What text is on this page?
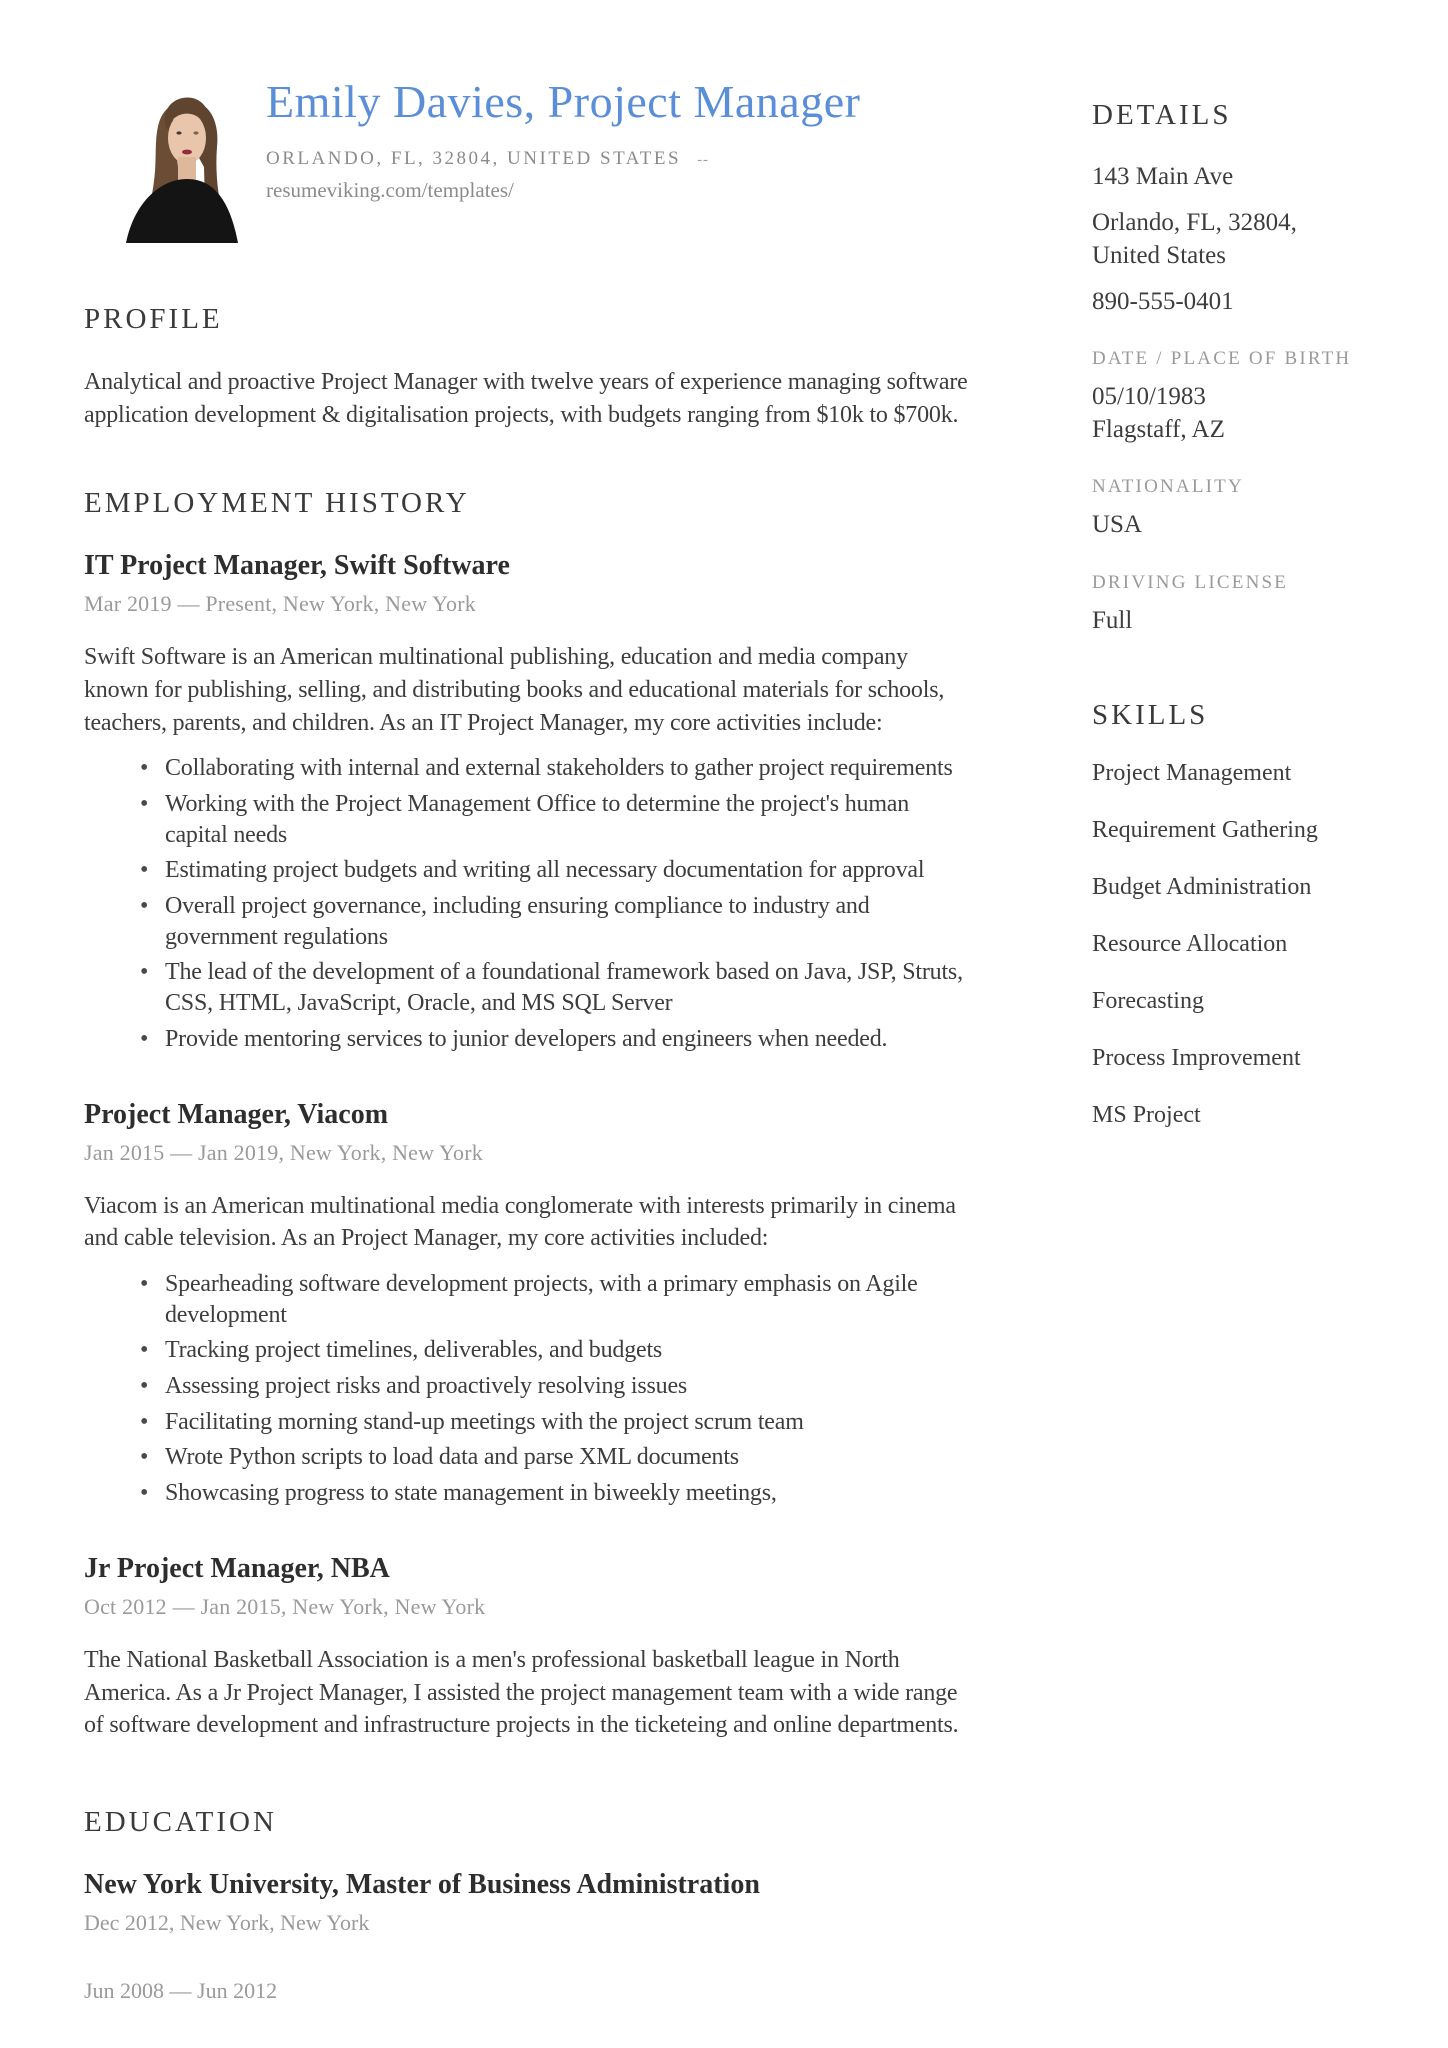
Emily Davies, Project Manager
ORLANDO, FL, 32804, UNITED STATES --
resumeviking.com/templates/
PROFILE

Analytical and proactive Project Manager with twelve years of experience managing software application development & digitalisation projects, with budgets ranging from $10k to $700k.

EMPLOYMENT HISTORY
IT Project Manager, Swift Software

Mar 2019 — Present, New York, New York

Swift Software is an American multinational publishing, education and media company known for publishing, selling, and distributing books and educational materials for schools, teachers, parents, and children. As an IT Project Manager, my core activities include:

• Collaborating with internal and external stakeholders to gather project requirements
• Working with the Project Management Office to determine the project's human capital needs
• Estimating project budgets and writing all necessary documentation for approval
• Overall project governance, including ensuring compliance to industry and government regulations
• The lead of the development of a foundational framework based on Java, JSP, Struts, CSS, HTML, JavaScript, Oracle, and MS SQL Server
• Provide mentoring services to junior developers and engineers when needed.
Project Manager, Viacom

Jan 2015 — Jan 2019, New York, New York

Viacom is an American multinational media conglomerate with interests primarily in cinema and cable television. As an Project Manager, my core activities included:

• Spearheading software development projects, with a primary emphasis on Agile development
• Tracking project timelines, deliverables, and budgets
• Assessing project risks and proactively resolving issues
• Facilitating morning stand-up meetings with the project scrum team
• Wrote Python scripts to load data and parse XML documents
• Showcasing progress to state management in biweekly meetings,
Jr Project Manager, NBA

Oct 2012 — Jan 2015, New York, New York

The National Basketball Association is a men's professional basketball league in North America. As a Jr Project Manager, I assisted the project management team with a wide range of software development and infrastructure projects in the ticketeing and online departments.

EDUCATION
New York University, Master of Business Administration

Dec 2012, New York, New York

Jun 2008 — Jun 2012

DETAILS

143 Main Ave

Orlando, FL, 32804, United States

890-555-0401

DATE / PLACE OF BIRTH

05/10/1983

Flagstaff, AZ

NATIONALITY

USA

DRIVING LICENSE

Full

SKILLS
Project Management
Requirement Gathering
Budget Administration
Resource Allocation
Forecasting
Process Improvement
MS Project
